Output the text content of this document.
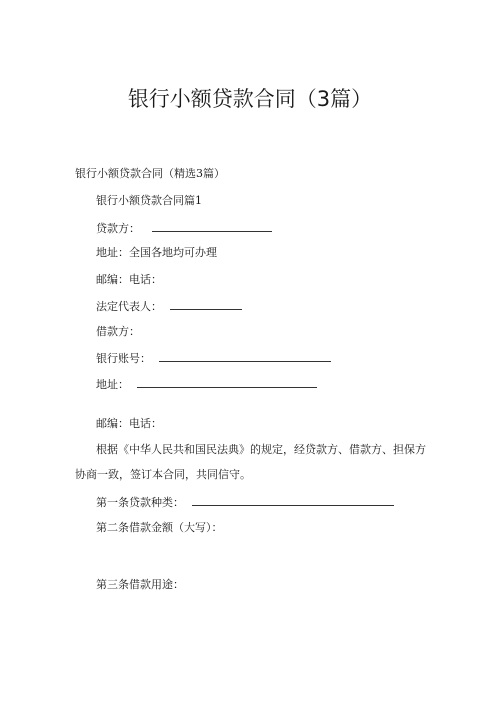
银行小额贷款合同（3篇）
银行小额贷款合同（精选3篇）
银行小额贷款合同篇1
贷款方：
地址：全国各地均可办理
邮编：电话：
法定代表人：
借款方：
银行账号：
地址：
邮编：电话：
根据《中华人民共和国民法典》的规定，经贷款方、借款方、担保方
协商一致，签订本合同，共同信守。
第一条贷款种类：
第二条借款金额（大写）：
第三条借款用途：
